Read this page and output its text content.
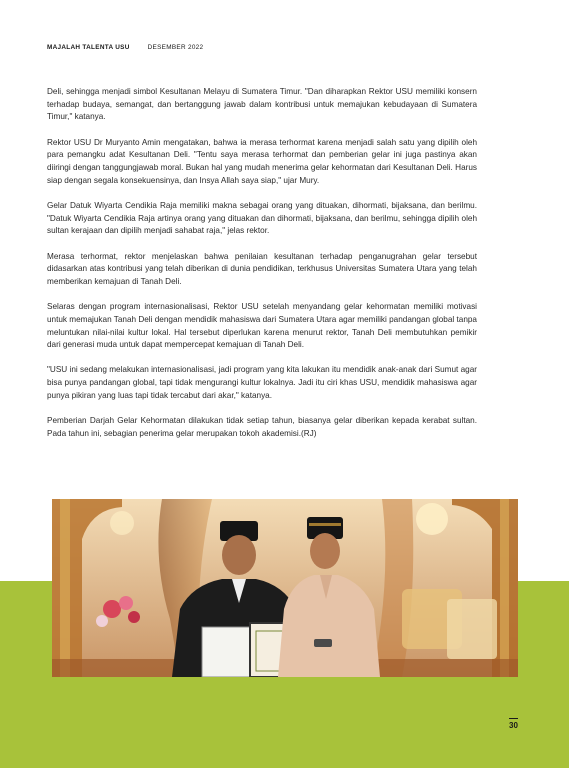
MAJALAH TALENTA USU	DESEMBER 2022

Deli, sehingga menjadi simbol Kesultanan Melayu di Sumatera Timur. "Dan diharapkan Rektor USU memiliki konsern terhadap budaya, semangat, dan bertanggung jawab dalam kontribusi untuk memajukan kebudayaan di Sumatera Timur," katanya.

Rektor USU Dr Muryanto Amin mengatakan, bahwa ia merasa terhormat karena menjadi salah satu yang dipilih oleh para pemangku adat Kesultanan Deli. "Tentu saya merasa terhormat dan pemberian gelar ini juga pastinya akan diiringi dengan tanggungjawab moral. Bukan hal yang mudah menerima gelar kehormatan dari Kesultanan Deli. Harus siap dengan segala konsekuensinya, dan Insya Allah saya siap," ujar Mury.

Gelar Datuk Wiyarta Cendikia Raja memiliki makna sebagai orang yang dituakan, dihormati, bijaksana, dan berilmu. "Datuk Wiyarta Cendikia Raja artinya orang yang dituakan dan dihormati, bijaksana, dan berilmu, sehingga dipilih oleh sultan kerajaan dan dipilih menjadi sahabat raja," jelas rektor.

Merasa terhormat, rektor menjelaskan bahwa penilaian kesultanan terhadap penganugrahan gelar tersebut didasarkan atas kontribusi yang telah diberikan di dunia pendidikan, terkhusus Universitas Sumatera Utara yang telah memberikan kemajuan di Tanah Deli.

Selaras dengan program internasionalisasi, Rektor USU setelah menyandang gelar kehormatan memiliki motivasi untuk memajukan Tanah Deli dengan mendidik mahasiswa dari Sumatera Utara agar memiliki pandangan global tanpa meluntukan nilai-nilai kultur lokal. Hal tersebut diperlukan karena menurut rektor, Tanah Deli membutuhkan pemikir dari generasi muda untuk dapat mempercepat kemajuan di Tanah Deli.

"USU ini sedang melakukan internasionalisasi, jadi program yang kita lakukan itu mendidik anak-anak dari Sumut agar bisa punya pandangan global, tapi tidak mengurangi kultur lokalnya. Jadi itu ciri khas USU, mendidik mahasiswa agar punya pikiran yang luas tapi tidak tercabut dari akar," katanya.

Pemberian Darjah Gelar Kehormatan dilakukan tidak setiap tahun, biasanya gelar diberikan kepada kerabat sultan. Pada tahun ini, sebagian penerima gelar merupakan tokoh akademisi.(RJ)

30
